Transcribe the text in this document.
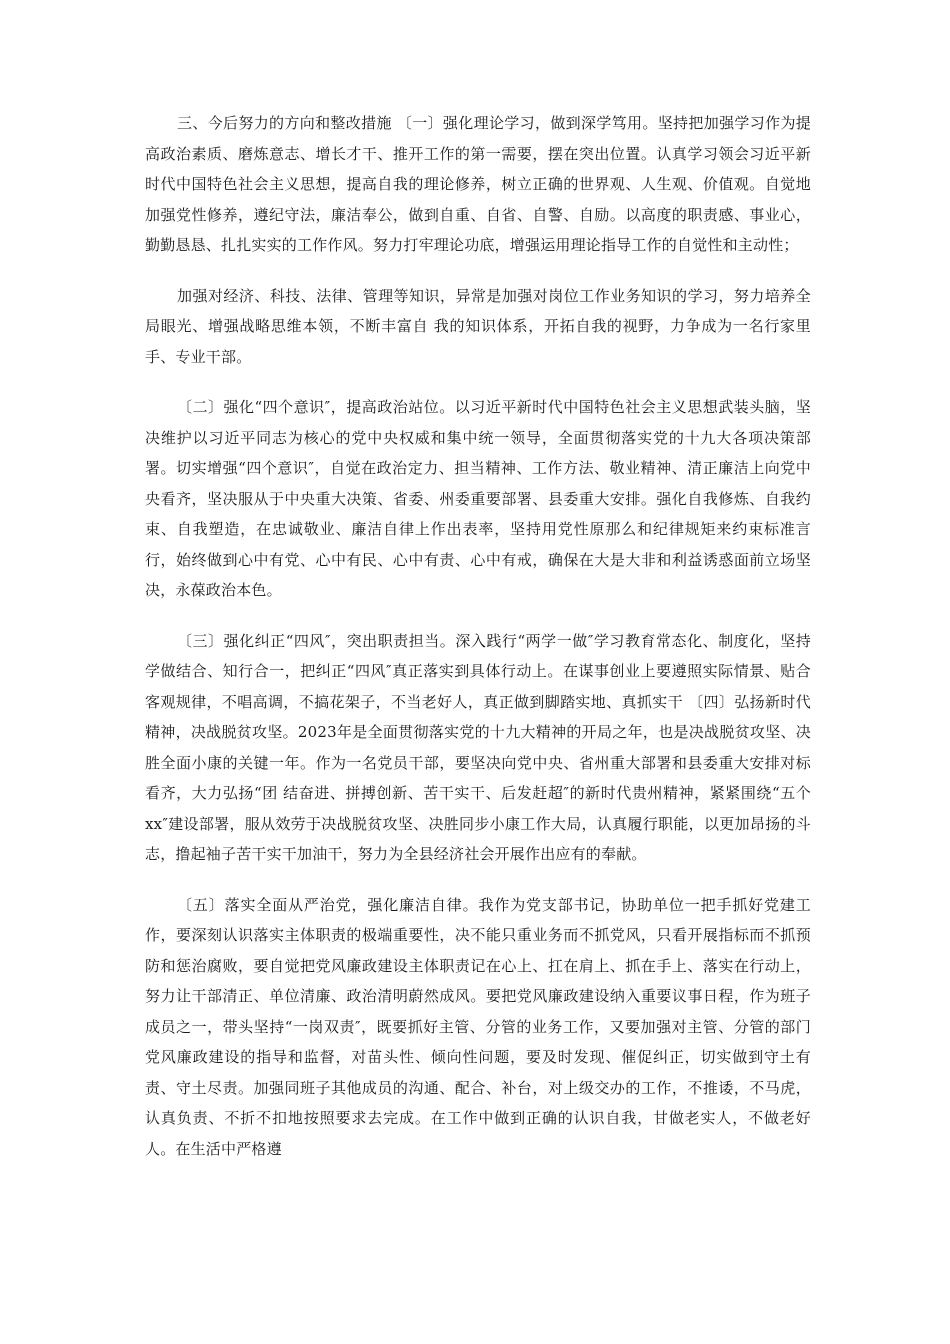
三、今后努力的方向和整改措施 〔一〕强化理论学习，做到深学笃用。坚持把加强学习作为提高政治素质、磨炼意志、增长才干、推开工作的第一需要，摆在突出位置。认真学习领会习近平新时代中国特色社会主义思想，提高自我的理论修养，树立正确的世界观、人生观、价值观。自觉地加强党性修养，遵纪守法，廉洁奉公，做到自重、自省、自警、自励。以高度的职责感、事业心，勤勤恳恳、扎扎实实的工作作风。努力打牢理论功底，增强运用理论指导工作的自觉性和主动性；

加强对经济、科技、法律、管理等知识，异常是加强对岗位工作业务知识的学习，努力培养全局眼光、增强战略思维本领，不断丰富自 我的知识体系，开拓自我的视野，力争成为一名行家里手、专业干部。

〔二〕强化“四个意识″，提高政治站位。以习近平新时代中国特色社会主义思想武装头脑，坚决维护以习近平同志为核心的党中央权威和集中统一领导，全面贯彻落实党的十九大各项决策部署。切实增强“四个意识″，自觉在政治定力、担当精神、工作方法、敬业精神、清正廉洁上向党中央看齐，坚决服从于中央重大决策、省委、州委重要部署、县委重大安排。强化自我修炼、自我约束、自我塑造，在忠诚敬业、廉洁自律上作出表率，坚持用党性原那么和纪律规矩来约束标准言行，始终做到心中有党、心中有民、心中有责、心中有戒，确保在大是大非和利益诱惑面前立场坚决，永葆政治本色。

〔三〕强化纠正“四风″，突出职责担当。深入践行“两学一做″学习教育常态化、制度化，坚持学做结合、知行合一，把纠正“四风″真正落实到具体行动上。在谋事创业上要遵照实际情景、贴合客观规律，不唱高调，不搞花架子，不当老好人，真正做到脚踏实地、真抓实干 〔四〕弘扬新时代精神，决战脱贫攻坚。2023年是全面贯彻落实党的十九大精神的开局之年，也是决战脱贫攻坚、决胜全面小康的关键一年。作为一名党员干部，要坚决向党中央、省州重大部署和县委重大安排对标看齐，大力弘扬“团 结奋进、拼搏创新、苦干实干、后发赶超″的新时代贵州精神，紧紧围绕“五个xx″建设部署，服从效劳于决战脱贫攻坚、决胜同步小康工作大局，认真履行职能，以更加昂扬的斗志，撸起袖子苦干实干加油干，努力为全县经济社会开展作出应有的奉献。

〔五〕落实全面从严治党，强化廉洁自律。我作为党支部书记，协助单位一把手抓好党建工作，要深刻认识落实主体职责的极端重要性，决不能只重业务而不抓党风，只看开展指标而不抓预防和惩治腐败，要自觉把党风廉政建设主体职责记在心上、扛在肩上、抓在手上、落实在行动上，努力让干部清正、单位清廉、政治清明蔚然成风。要把党风廉政建设纳入重要议事日程，作为班子成员之一，带头坚持“一岗双责″，既要抓好主管、分管的业务工作，又要加强对主管、分管的部门党风廉政建设的指导和监督，对苗头性、倾向性问题，要及时发现、催促纠正，切实做到守土有责、守土尽责。加强同班子其他成员的沟通、配合、补台，对上级交办的工作，不推诿，不马虎，认真负责、不折不扣地按照要求去完成。在工作中做到正确的认识自我，甘做老实人，不做老好人。在生活中严格遵
